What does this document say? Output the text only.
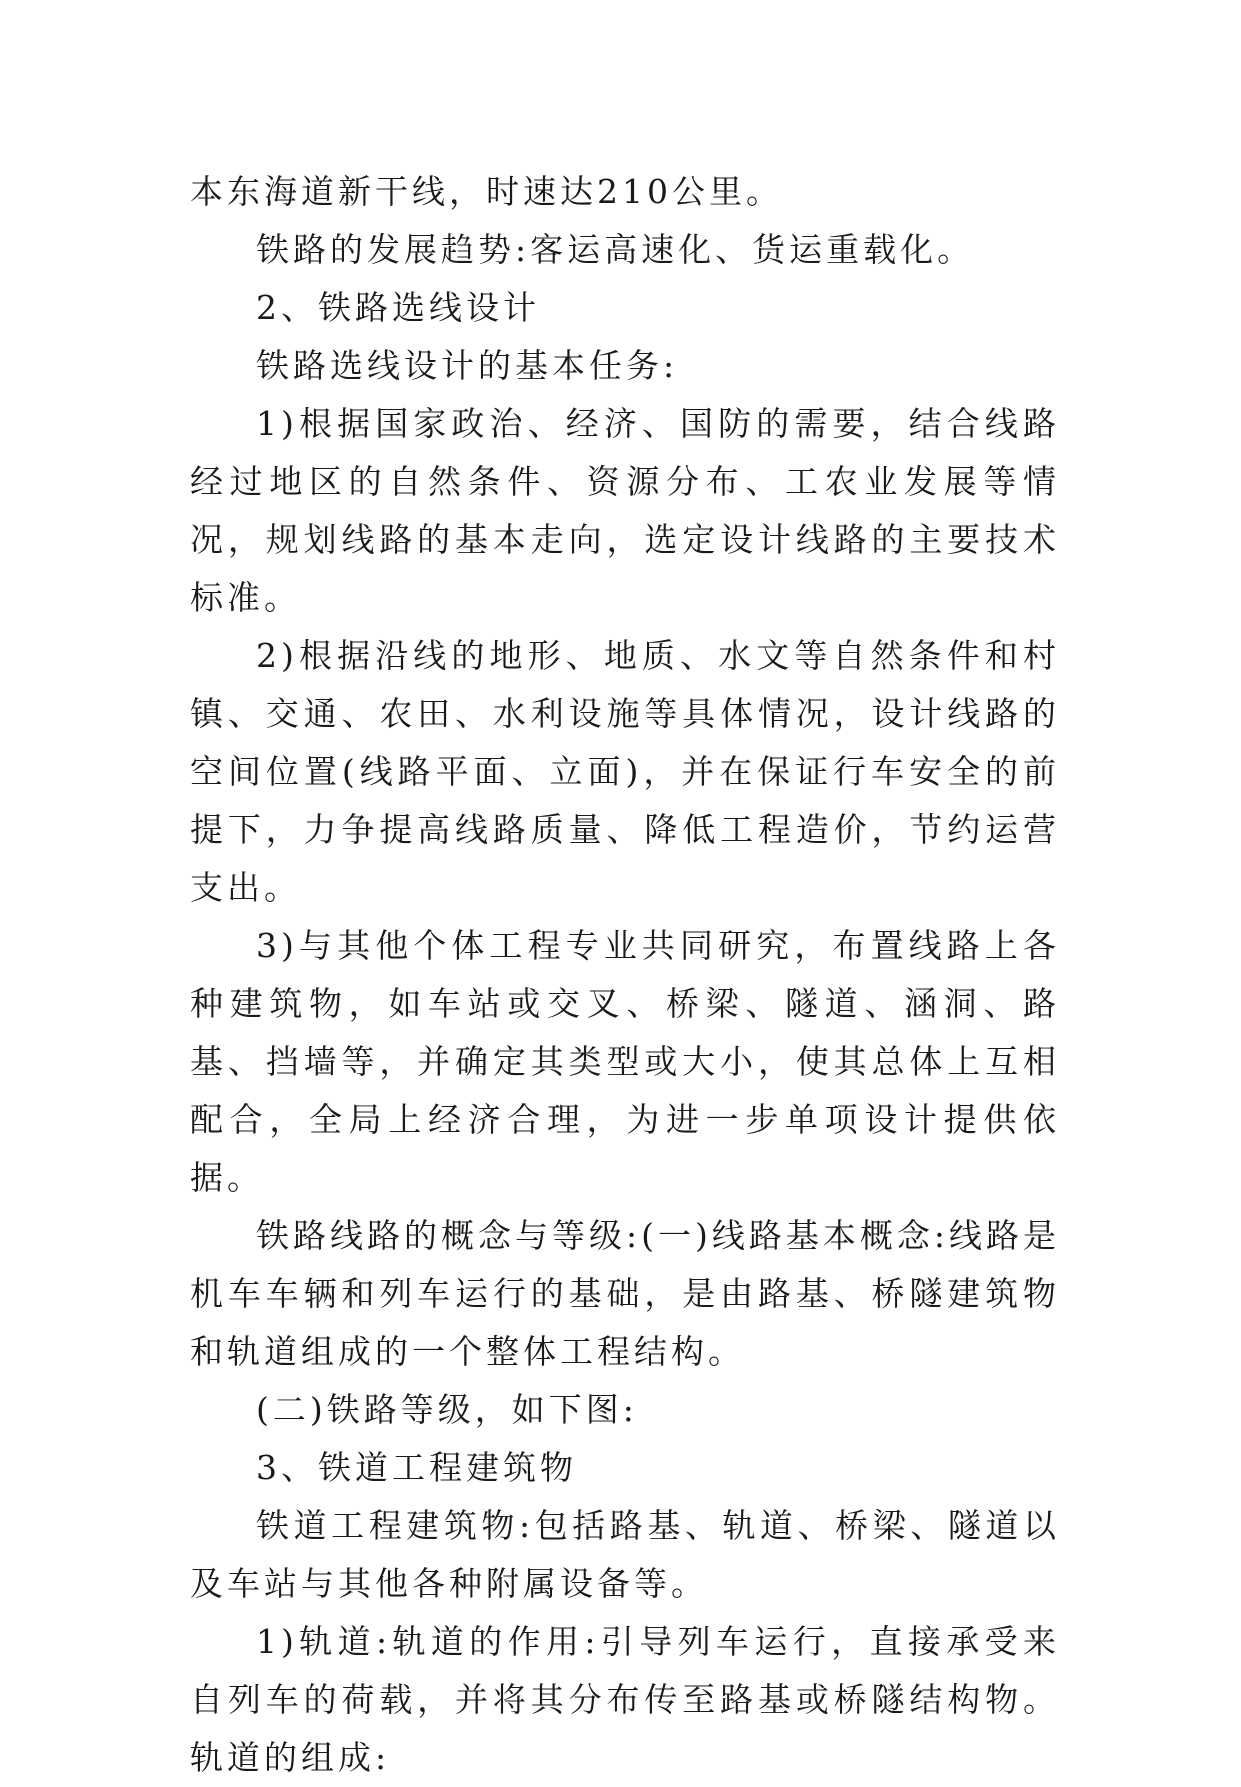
本东海道新干线，时速达210公里。

铁路的发展趋势:客运高速化、货运重载化。

2、铁路选线设计

铁路选线设计的基本任务:

1)根据国家政治、经济、国防的需要，结合线路经过地区的自然条件、资源分布、工农业发展等情况，规划线路的基本走向，选定设计线路的主要技术标准。

2)根据沿线的地形、地质、水文等自然条件和村镇、交通、农田、水利设施等具体情况，设计线路的空间位置(线路平面、立面)，并在保证行车安全的前提下，力争提高线路质量、降低工程造价，节约运营支出。

3)与其他个体工程专业共同研究，布置线路上各种建筑物，如车站或交叉、桥梁、隧道、涵洞、路基、挡墙等，并确定其类型或大小，使其总体上互相配合，全局上经济合理，为进一步单项设计提供依据。

铁路线路的概念与等级:(一)线路基本概念:线路是机车车辆和列车运行的基础，是由路基、桥隧建筑物和轨道组成的一个整体工程结构。

(二)铁路等级，如下图:

3、铁道工程建筑物

铁道工程建筑物:包括路基、轨道、桥梁、隧道以及车站与其他各种附属设备等。

1)轨道:轨道的作用:引导列车运行，直接承受来自列车的荷载，并将其分布传至路基或桥隧结构物。轨道的组成:
